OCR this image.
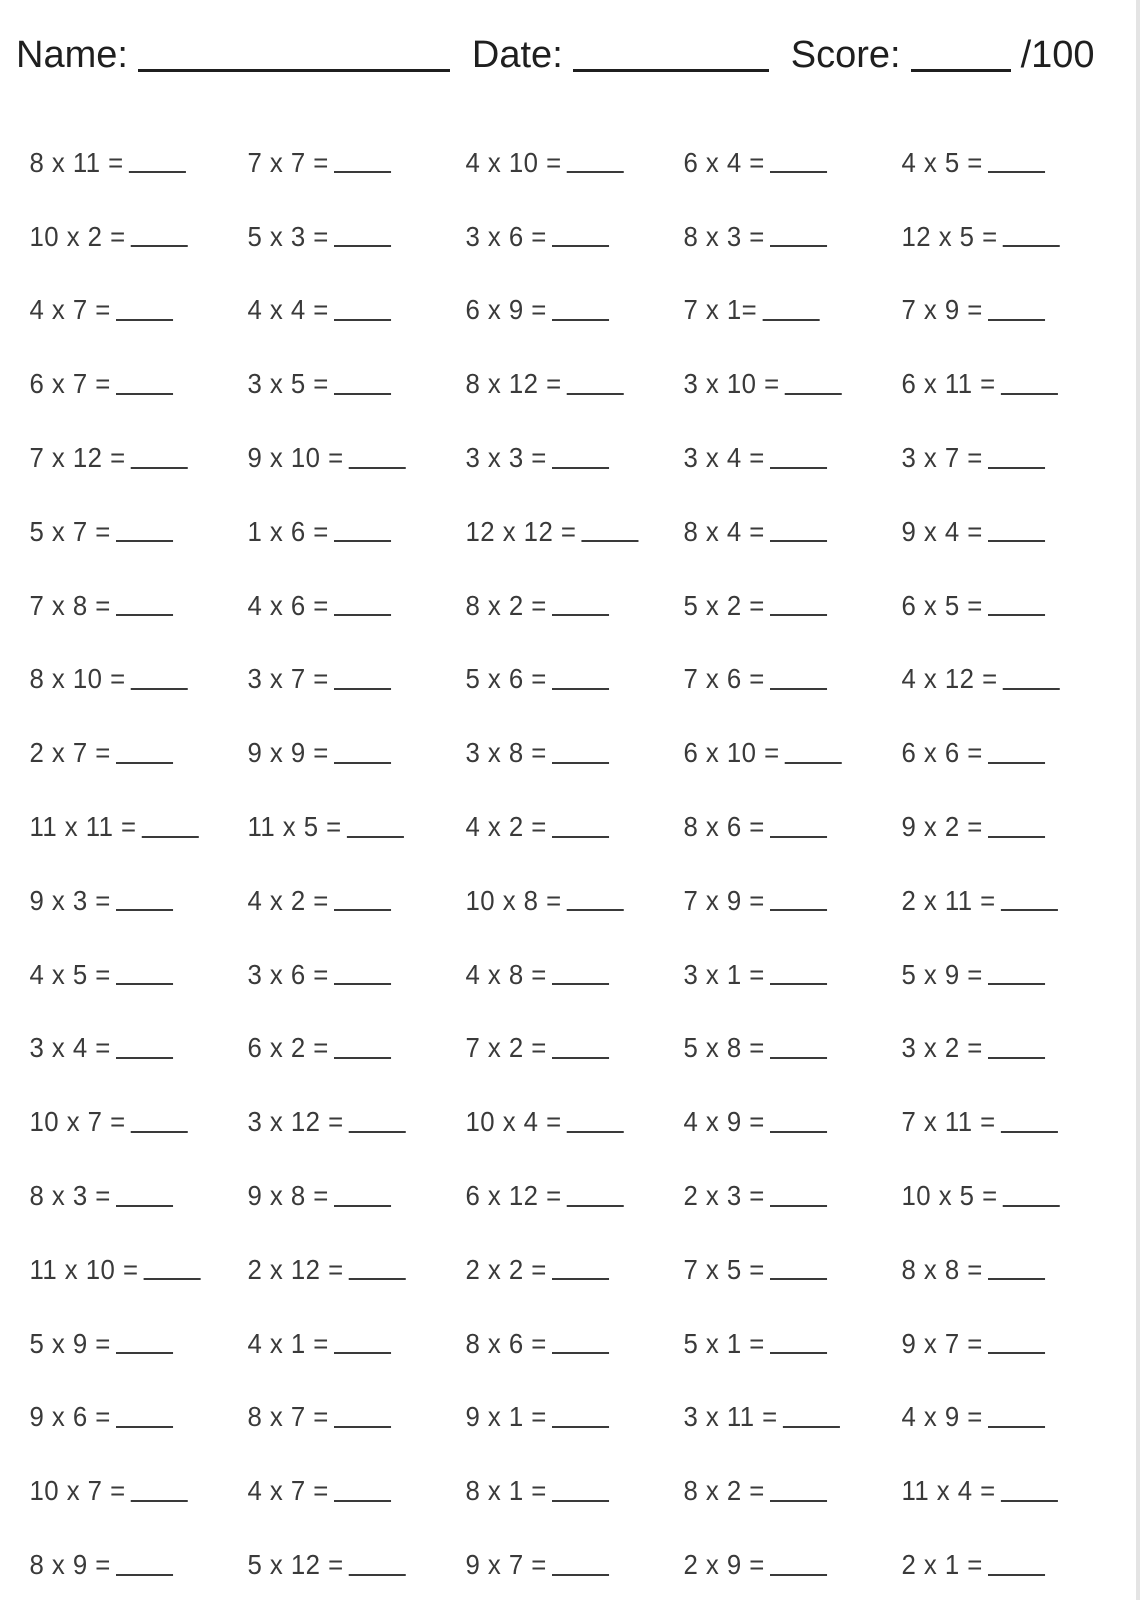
Name:	Date:	Score:	/100
8 x 11 =	7 x 7 =	4 x 10 =	6 x 4 =	4 x 5 =
10 x 2 =	5 x 3 =	3 x 6 =	8 x 3 =	12 x 5 =
4 x 7 =	4 x 4 =	6 x 9 =	7 x 1=	7 x 9 =
6 x 7 =	3 x 5 =	8 x 12 =	3 x 10 =	6 x 11 =
7 x 12 =	9 x 10 =	3 x 3 =	3 x 4 =	3 x 7 =
5 x 7 =	1 x 6 =	12 x 12 =	8 x 4 =	9 x 4 =
7 x 8 =	4 x 6 =	8 x 2 =	5 x 2 =	6 x 5 =
8 x 10 =	3 x 7 =	5 x 6 =	7 x 6 =	4 x 12 =
2 x 7 =	9 x 9 =	3 x 8 =	6 x 10 =	6 x 6 =
11 x 11 =	11 x 5 =	4 x 2 =	8 x 6 =	9 x 2 =
9 x 3 =	4 x 2 =	10 x 8 =	7 x 9 =	2 x 11 =
4 x 5 =	3 x 6 =	4 x 8 =	3 x 1 =	5 x 9 =
3 x 4 =	6 x 2 =	7 x 2 =	5 x 8 =	3 x 2 =
10 x 7 =	3 x 12 =	10 x 4 =	4 x 9 =	7 x 11 =
8 x 3 =	9 x 8 =	6 x 12 =	2 x 3 =	10 x 5 =
11 x 10 =	2 x 12 =	2 x 2 =	7 x 5 =	8 x 8 =
5 x 9 =	4 x 1 =	8 x 6 =	5 x 1 =	9 x 7 =
9 x 6 =	8 x 7 =	9 x 1 =	3 x 11 =	4 x 9 =
10 x 7 =	4 x 7 =	8 x 1 =	8 x 2 =	11 x 4 =
8 x 9 =	5 x 12 =	9 x 7 =	2 x 9 =	2 x 1 =
